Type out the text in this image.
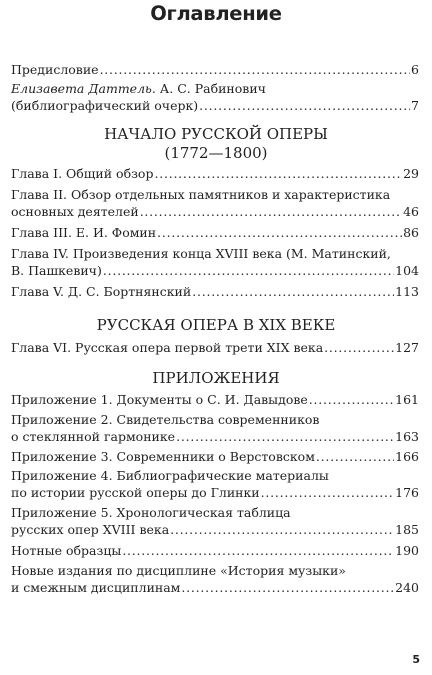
Оглавление
Предисловие . . .	6
Елизавета Даттель. А. С. Рабинович
(библиографический очерк) . . .	7
НАЧАЛО РУССКОЙ ОПЕРЫ
(1772—1800)
Глава I. Общий обзор . . .	29
Глава II. Обзор отдельных памятников и характеристика
основных деятелей . . .	46
Глава III. Е. И. Фомин . . .	86
Глава IV. Произведения конца XVIII века (М. Матинский,
В. Пашкевич) . . .	104
Глава V. Д. С. Бортнянский . . .	113
РУССКАЯ ОПЕРА В XIX ВЕКЕ
Глава VI. Русская опера первой трети XIX века . . .	127
ПРИЛОЖЕНИЯ
Приложение 1. Документы о С. И. Давыдове . . .	161
Приложение 2. Свидетельства современников
о стеклянной гармонике . . .	163
Приложение 3. Современники о Верстовском . . .	166
Приложение 4. Библиографические материалы
по истории русской оперы до Глинки . . .	176
Приложение 5. Хронологическая таблица
русских опер XVIII века . . .	185
Нотные образцы . . .	190
Новые издания по дисциплине «История музыки»
и смежным дисциплинам . . .	240
5
